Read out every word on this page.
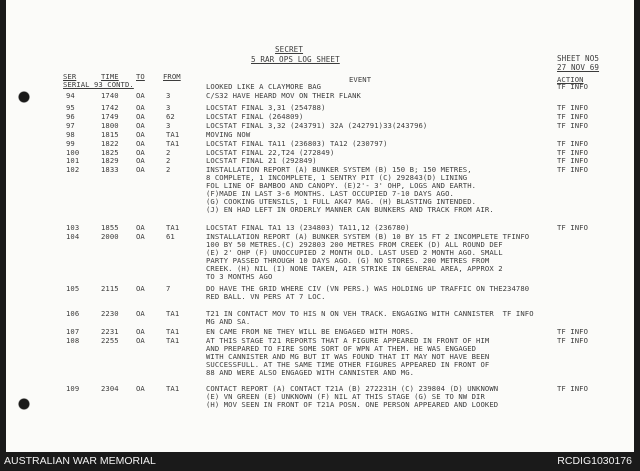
SECRET
5 RAR OPS LOG SHEET	SHEET NO5
27 NOV 69
SER	TIME TO	FROM	EVENT	ACTION
SERIAL 93 CONTD.	LOOKED LIKE A CLAYMORE BAG	TF INFO
94	1740 OA	3	C/S32 HAVE HEARD MOV ON THEIR FLANK
95	1742 OA	3	LOCSTAT FINAL 3,31 (254788)	TF INFO
96	1749 OA	62	LOCSTAT FINAL (264809)	TF INFO
97	1800 OA	3	LOCSTAT FINAL 3,32 (243791) 32A (242791)33(243796)	TF INFO
98	1815 OA	TA1	MOVING NOW
99	1822 OA	TA1	LOCSTAT FINAL TA11 (236803) TA12 (230797)	TF INFO
100	1825 OA	2	LOCSTAT FINAL 22,T24 (272849)	TF INFO
101	1829 OA	2	LOCSTAT FINAL 21 (292849)	TF INFO
102	1833 OA	2	INSTALLATION REPORT (A) BUNKER SYSTEM (B) 150 B; 150 METRES,
8 COMPLETE, 1 INCOMPLETE, 1 SENTRY PIT (C) 292843(D) LINING
FOL LINE OF BAMBOO AND CANOPY. (E)2'- 3' OHP, LOGS AND EARTH.
(F)MADE IN LAST 3-6 MONTHS. LAST OCCUPIED 7-10 DAYS AGO.
(G) COOKING UTENSILS, 1 FULL AK47 MAG. (H) BLASTING INTENDED.
(J) EN HAD LEFT IN ORDERLY MANNER CAN BUNKERS AND TRACK FROM AIR.
TF INFO
103	1855 OA	TA1	LOCSTAT FINAL TA1 13 (234803) TA11,12 (236780)	TF INFO
104	2000 OA	61	INSTALLATION REPORT (A) BUNKER SYSTEM (B) 10 BY 15 FT 2 INCOMPLETE TFINFO
100 BY 50 METRES.(C) 292803 200 METRES FROM CREEK (D) ALL ROUND DEF
(E) 2' OHP (F) UNOCCUPIED 2 MONTH OLD. LAST USED 2 MONTH AGO. SMALL
PARTY PASSED THROUGH 10 DAYS AGO. (G) NO STORES. 200 METRES FROM
CREEK. (H) NIL (I) NONE TAKEN, AIR STRIKE IN GENERAL AREA, APPROX 2
TO 3 MONTHS AGO
105	2115 OA	7	DO HAVE THE GRID WHERE CIV (VN PERS.) WAS HOLDING UP TRAFFIC ON THE234780
RED BALL. VN PERS AT 7 LOC.
106	2230 OA	TA1	T21 IN CONTACT MOV TO HIS N ON VEH TRACK. ENGAGING WITH CANNISTER  TF INFO
MG AND SA.
107	2231 OA	TA1	EN CAME FROM NE THEY WILL BE ENGAGED WITH MORS.	TF INFO
108	2255 OA	TA1	AT THIS STAGE T21 REPORTS THAT A FIGURE APPEARED IN FRONT OF HIM
AND PREPARED TO FIRE SOME SORT OF WPN AT THEM. HE WAS ENGAGED
WITH CANNISTER AND MG BUT IT WAS FOUND THAT IT MAY NOT HAVE BEEN
SUCCESSFULL. AT THE SAME TIME OTHER FIGURES APPEARED IN FRONT OF
88 AND WERE ALSO ENGAGED WITH CANNISTER AND MG.
TF INFO
109	2304 OA	TA1	CONTACT REPORT (A) CONTACT T21A (B) 272231H (C) 239804 (D) UNKNOWN
(E) VN GREEN (E) UNKNOWN (F) NIL AT THIS STAGE (G) SE TO NW DIR
(H) MOV SEEN IN FRONT OF T21A POSN. ONE PERSON APPEARED AND LOOKED
TF INFO
AUSTRALIAN WAR MEMORIAL	RCDIG1030176
